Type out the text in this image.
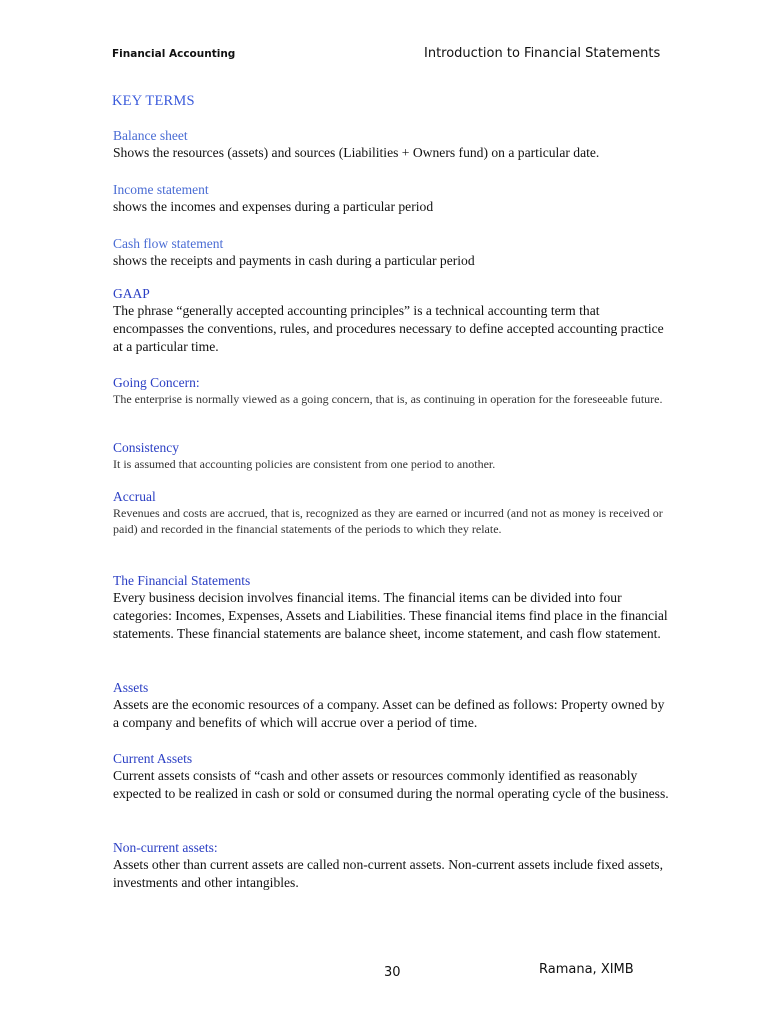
Financial Accounting	Introduction to Financial Statements
KEY TERMS
Balance sheet
Shows the resources (assets) and sources (Liabilities + Owners fund) on a particular date.
Income statement
shows the incomes and expenses during a particular period
Cash flow statement
shows the receipts and payments in cash during a particular period
GAAP
The phrase “generally accepted accounting principles” is a technical accounting term that encompasses the conventions, rules, and procedures necessary to define accepted accounting practice at a particular time.
Going Concern:
The enterprise is normally viewed as a going concern, that is, as continuing in operation for the foreseeable future.
Consistency
It is assumed that accounting policies are consistent from one period to another.
Accrual
Revenues and costs are accrued, that is, recognized as they are earned or incurred (and not as money is received or paid) and recorded in the financial statements of the periods to which they relate.
The Financial Statements
Every business decision involves financial items. The financial items can be divided into four categories: Incomes, Expenses, Assets and Liabilities. These financial items find place in the financial statements. These financial statements are balance sheet, income statement, and cash flow statement.
Assets
Assets are the economic resources of a company. Asset can be defined as follows: Property owned by a company and benefits of which will accrue over a period of time.
Current Assets
Current assets consists of “cash and other assets or resources commonly identified as reasonably expected to be realized in cash or sold or consumed during the normal operating cycle of the business.
Non-current assets:
Assets other than current assets are called non-current assets. Non-current assets include fixed assets, investments and other intangibles.
30	Ramana, XIMB
